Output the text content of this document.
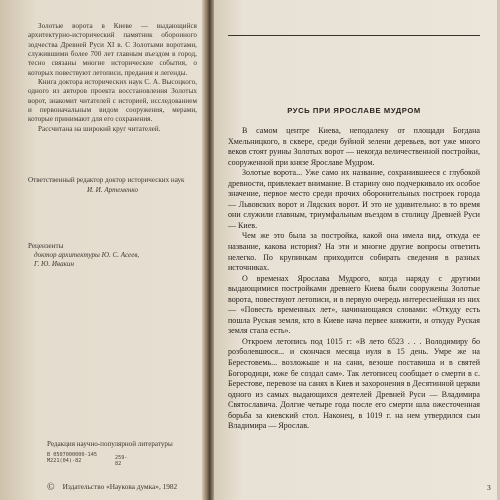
Золотые ворота в Киеве — выдающийся архитектурно-исторический памятник оборонного зодчества Древней Руси XI в. С Золотыми воротами, служившими более 700 лет главным въездом в город, тесно связаны многие исторические события, о которых повествуют летописи, предания и легенды.

Книга доктора исторических наук С. А. Высоцкого, одного из авторов проекта восстановления Золотых ворот, знакомит читателей с историей, исследованием и первоначальным видом сооружения, мерами, которые принимают для его сохранения.

Рассчитана на широкий круг читателей.

Ответственный редактор доктор исторических наук
И. И. Артеменко
Рецензенты
доктор архитектуры Ю. С. Асеев,
Г. Ю. Ивакин
Редакция научно-популярной литературы
В 0507000000-145
М221(04)-82
259-82
© Издательство «Наукова думка», 1982
РУСЬ ПРИ ЯРОСЛАВЕ МУДРОМ

В самом центре Киева, неподалеку от площади Богдана Хмельницкого, в сквере, среди буйной зелени деревьев, вот уже много веков стоят руины Золотых ворот — некогда величественной постройки, сооруженной при князе Ярославе Мудром.

Золотые ворота... Уже само их название, сохранившееся с глубокой древности, привлекает внимание. В старину оно подчеркивало их особое значение, первое место среди прочих оборонительных построек города — Львовских ворот и Лядских ворот. И это не удивительно: в то время они служили главным, триумфальным въездом в столицу Древней Руси — Киев.

Чем же это была за постройка, какой она имела вид, откуда ее название, какова история? На эти и многие другие вопросы ответить нелегко. По крупинкам приходится собирать сведения в разных источниках.

О временах Ярослава Мудрого, когда наряду с другими выдающимися постройками древнего Киева были сооружены Золотые ворота, повествуют летописи, и в первую очередь интереснейшая из них — «Повесть временных лет», начинающаяся словами: «Откуду есть пошла Руская земля, кто в Киеве нача первее княжити, и откуду Руская земля стала есть».

Откроем летопись под 1015 г: «В лето 6523 . . . Володимиру бо розболевшюся... и скончася месяца иуля в 15 день. Умре же на Берестовемь... возложьше и на сани, везоше поставиша и в святей Богородици, юже бе создал сам». Так летописец сообщает о смерти в с. Берестове, перевозе на санях в Киев и захоронения в Десятинной церкви одного из самых выдающихся деятелей Древней Руси — Владимира Святославича. Долгие четыре года после его смерти шла ожесточенная борьба за киевский стол. Наконец, в 1019 г. на нем утвердился сын Владимира — Ярослав.

3
